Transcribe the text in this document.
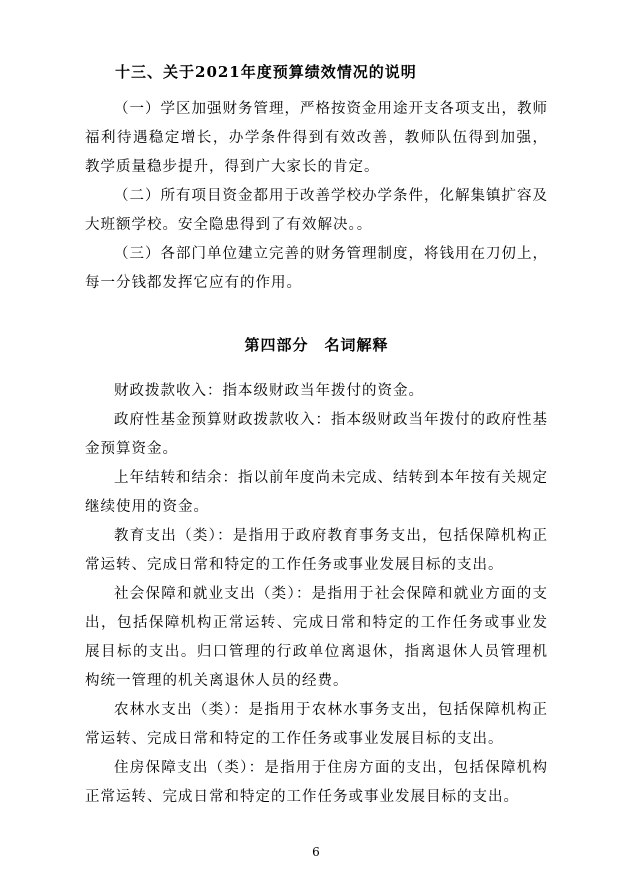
十三、关于2021年度预算绩效情况的说明

（一）学区加强财务管理，严格按资金用途开支各项支出，教师福利待遇稳定增长，办学条件得到有效改善，教师队伍得到加强，教学质量稳步提升，得到广大家长的肯定。

（二）所有项目资金都用于改善学校办学条件，化解集镇扩容及大班额学校。安全隐患得到了有效解决。。

（三）各部门单位建立完善的财务管理制度，将钱用在刀仞上，每一分钱都发挥它应有的作用。

第四部分　名词解释

财政拨款收入：指本级财政当年拨付的资金。

政府性基金预算财政拨款收入：指本级财政当年拨付的政府性基金预算资金。

上年结转和结余：指以前年度尚未完成、结转到本年按有关规定继续使用的资金。

教育支出（类）：是指用于政府教育事务支出，包括保障机构正常运转、完成日常和特定的工作任务或事业发展目标的支出。

社会保障和就业支出（类）：是指用于社会保障和就业方面的支出，包括保障机构正常运转、完成日常和特定的工作任务或事业发展目标的支出。归口管理的行政单位离退休，指离退休人员管理机构统一管理的机关离退休人员的经费。

农林水支出（类）：是指用于农林水事务支出，包括保障机构正常运转、完成日常和特定的工作任务或事业发展目标的支出。

住房保障支出（类）：是指用于住房方面的支出，包括保障机构正常运转、完成日常和特定的工作任务或事业发展目标的支出。

6
